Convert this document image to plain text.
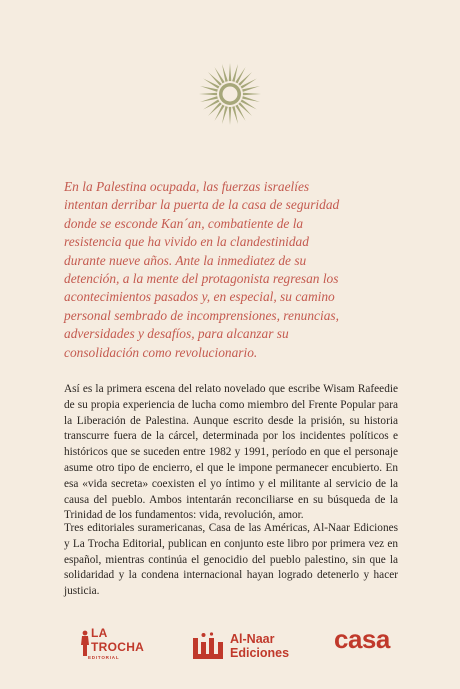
En la Palestina ocupada, las fuerzas israelíes
intentan derribar la puerta de la casa de seguridad
donde se esconde Kan´an, combatiente de la
resistencia que ha vivido en la clandestinidad
durante nueve años. Ante la inmediatez de su
detención, a la mente del protagonista regresan los
acontecimientos pasados y, en especial, su camino
personal sembrado de incomprensiones, renuncias,
adversidades y desafíos, para alcanzar su
consolidación como revolucionario.

Así es la primera escena del relato novelado que escribe Wisam Rafeedie de su propia experiencia de lucha como miembro del Frente Popular para la Liberación de Palestina. Aunque escrito desde la prisión, su historia transcurre fuera de la cárcel, determinada por los incidentes políticos e históricos que se suceden entre 1982 y 1991, período en que el personaje asume otro tipo de encierro, el que le impone permanecer encubierto. En esa «vida secreta» coexisten el yo íntimo y el militante al servicio de la causa del pueblo. Ambos intentarán reconciliarse en su búsqueda de la Trinidad de los fundamentos: vida, revolución, amor.

Tres editoriales suramericanas, Casa de las Américas, Al-Naar Ediciones y La Trocha Editorial, publican en conjunto este libro por primera vez en español, mientras continúa el genocidio del pueblo palestino, sin que la solidaridad y la condena internacional hayan logrado detenerlo y hacer justicia.

LA TROCHA
EDITORIAL
Al-Naar
Ediciones casa
